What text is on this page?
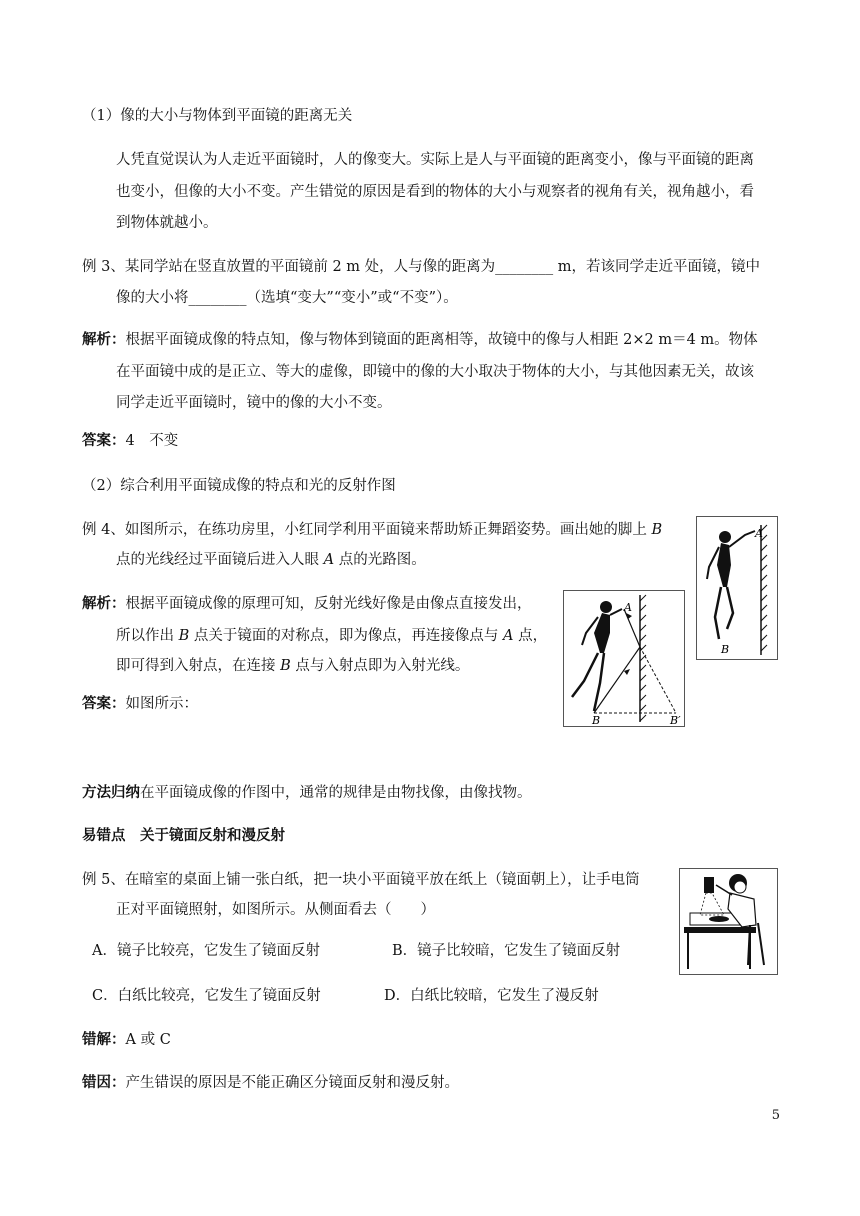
（1）像的大小与物体到平面镜的距离无关
人凭直觉误认为人走近平面镜时，人的像变大。实际上是人与平面镜的距离变小，像与平面镜的距离
也变小，但像的大小不变。产生错觉的原因是看到的物体的大小与观察者的视角有关，视角越小，看
到物体就越小。
例 3、某同学站在竖直放置的平面镜前 2 m 处，人与像的距离为________ m，若该同学走近平面镜，镜中
像的大小将________（选填“变大”“变小”或“不变”）。
解析：根据平面镜成像的特点知，像与物体到镜面的距离相等，故镜中的像与人相距 2×2 m＝4 m。物体
在平面镜中成的是正立、等大的虚像，即镜中的像的大小取决于物体的大小，与其他因素无关，故该
同学走近平面镜时，镜中的像的大小不变。
答案：4　不变
（2）综合利用平面镜成像的特点和光的反射作图
例 4、如图所示，在练功房里，小红同学利用平面镜来帮助矫正舞蹈姿势。画出她的脚上 B
点的光线经过平面镜后进入人眼 A 点的光路图。
解析：根据平面镜成像的原理可知，反射光线好像是由像点直接发出，
所以作出 B 点关于镜面的对称点，即为像点，再连接像点与 A 点，
即可得到入射点，在连接 B 点与入射点即为入射光线。
答案：如图所示：
A
B
A
B	B′
方法归纳在平面镜成像的作图中，通常的规律是由物找像，由像找物。
易错点　关于镜面反射和漫反射
例 5、在暗室的桌面上铺一张白纸，把一块小平面镜平放在纸上（镜面朝上），让手电筒
正对平面镜照射，如图所示。从侧面看去（　　）
A．镜子比较亮，它发生了镜面反射	B．镜子比较暗，它发生了镜面反射
C．白纸比较亮，它发生了镜面反射	D．白纸比较暗，它发生了漫反射
错解：A 或 C
错因：产生错误的原因是不能正确区分镜面反射和漫反射。
5
